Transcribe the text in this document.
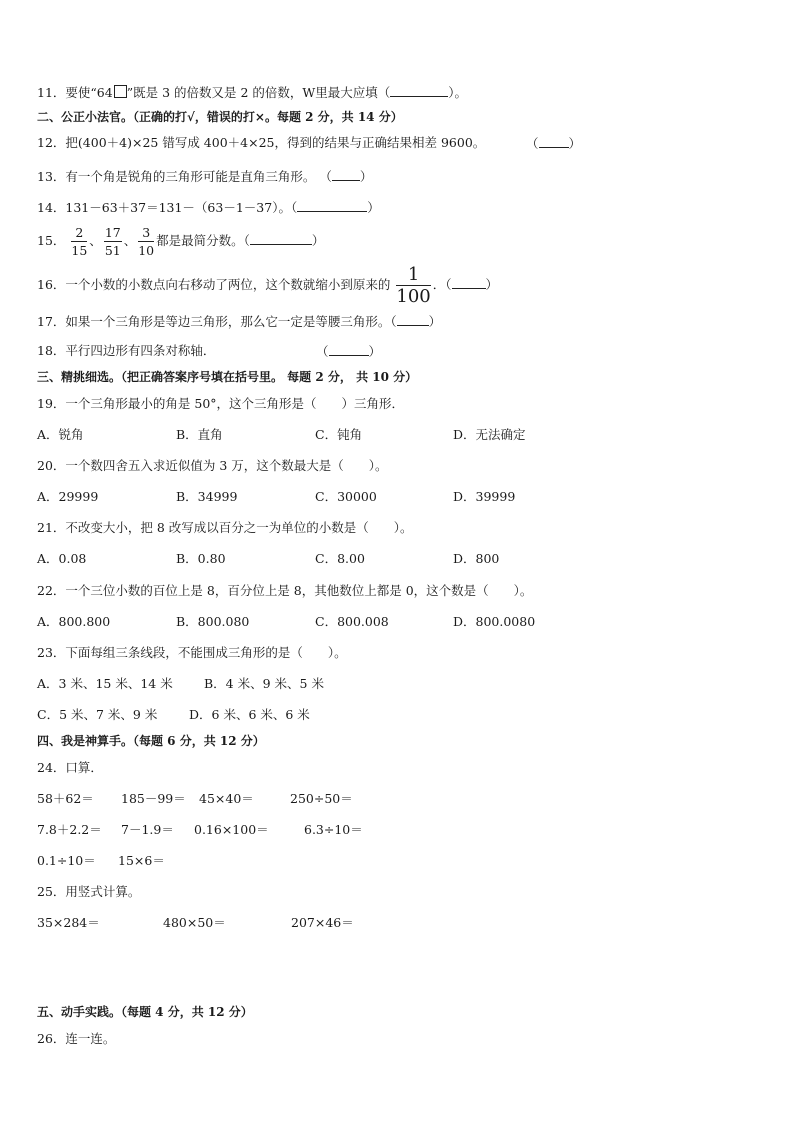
11．要使“64 ”既是 3 的倍数又是 2 的倍数，W里最大应填（	）。
二、公正小法官。（正确的打√，错误的打×。每题 2 分，共 14 分）
12．把(400＋4)×25 错写成 400＋4×25，得到的结果与正确结果相差 9600。	（ ）
13．有一个角是锐角的三角形可能是直角三角形。 （ ）
14．131－63＋37＝131－（63－1－37）。（	）
15． $\frac{2}{15}$ 、 $\frac{17}{51}$ 、 $\frac{3}{10}$ 都是最简分数。（	）
16．一个小数的小数点向右移动了两位，这个数就缩小到原来的 $\frac{1}{100}$ ．（	）
17．如果一个三角形是等边三角形，那么它一定是等腰三角形。（	）
18．平行四边形有四条对称轴．	（	）
三、精挑细选。（把正确答案序号填在括号里。 每题 2 分， 共 10 分）
19．一个三角形最小的角是 50°，这个三角形是（　　）三角形．
A．锐角	B．直角	C．钝角	D．无法确定
20．一个数四舍五入求近似值为 3 万，这个数最大是（　　）。
A．29999	B．34999	C．30000	D．39999
21．不改变大小，把 8 改写成以百分之一为单位的小数是（　　）。
A．0.08	B．0.80	C．8.00	D．800
22．一个三位小数的百位上是 8，百分位上是 8，其他数位上都是 0，这个数是（　　）。
A．800.800	B．800.080	C．800.008	D．800.0080
23．下面每组三条线段，不能围成三角形的是（　　）。
A．3 米、15 米、14 米	B．4 米、9 米、5 米
C．5 米、7 米、9 米	D．6 米、6 米、6 米
四、我是神算手。（每题 6 分，共 12 分）
24．口算．
58＋62＝ 185－99＝ 45×40＝	250÷50＝
7.8＋2.2＝ 7－1.9＝ 0.16×100＝	6.3÷10＝
0.1÷10＝ 15×6＝
25．用竖式计算。
35×284＝	480×50＝	207×46＝
五、动手实践。（每题 4 分，共 12 分）
26．连一连。
